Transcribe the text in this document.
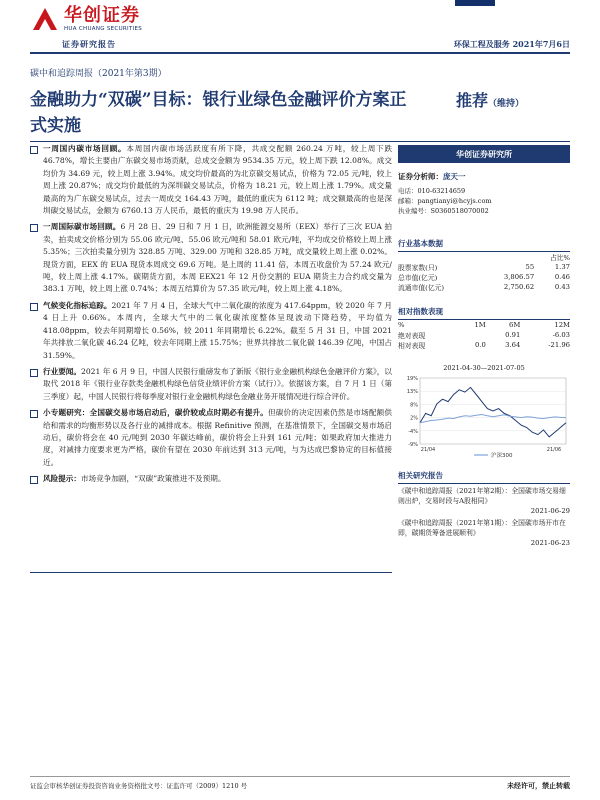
华创证券
HUA CHUANG SECURITIES
证券研究报告	环保工程及服务 2021年7月6日
碳中和追踪周报（2021年第3期）
金融助力“双碳”目标：银行业绿色金融评价方案正式实施
推荐（维持）
一周国内碳市场回顾。本周国内碳市场活跃度有所下降，共成交配额 260.24 万吨，较上周下跌 46.78%，增长主要由广东碳交易市场贡献，总成交金额为 9534.35 万元，较上周下跌 12.08%。成交均价为 34.69 元，较上周上涨 3.94%。成交均价最高的为北京碳交易试点，价格为 72.05 元/吨，较上周上涨 20.87%；成交均价最低的为深圳碳交易试点，价格为 18.21 元，较上周上涨 1.79%。成交量最高的为广东碳交易试点，过去一周成交 164.43 万吨，最低的重庆为 6112 吨；成交额最高的也是深圳碳交易试点，金额为 6760.13 万人民币，最低的重庆为 19.98 万人民币。
一周国际碳市场回顾。6 月 28 日、29 日和 7 月 1 日，欧洲能源交易所（EEX）举行了三次 EUA 拍卖，拍卖成交价格分别为 55.06 欧元/吨、55.06 欧元/吨和 58.01 欧元/吨，平均成交价格较上周上涨 5.35%；三次拍卖量分别为 328.85 万吨、329.00 万吨和 328.85 万吨，成交量较上周上涨 0.02%。现货方面，EEX 的 EUA 现货本周成交 69.6 万吨。是上周的 11.41 倍，本周五收盘价为 57.24 欧元/吨，较上周上涨 4.17%。碳期货方面，本周 EEX21 年 12 月份交割的 EUA 期货主力合约成交量为 383.1 万吨，较上周上涨 0.74%；本周五结算价为 57.35 欧元/吨，较上周上涨 4.18%。
气候变化指标追踪。2021 年 7 月 4 日，全球大气中二氧化碳的浓度为 417.64ppm，较 2020 年 7 月 4 日上升 0.66%。本周内，全球大气中的二氧化碳浓度整体呈现波动下降趋势，平均值为 418.08ppm，较去年同期增长 0.56%，较 2011 年同期增长 6.22%。截至 5 月 31 日，中国 2021 年共排放二氧化碳 46.24 亿吨，较去年同期上涨 15.75%；世界共排放二氧化碳 146.39 亿吨，中国占 31.59%。
行业要闻。2021 年 6 月 9 日，中国人民银行重磅发布了新版《银行业金融机构绿色金融评价方案》，以取代 2018 年《银行业存款类金融机构绿色信贷业绩评价方案（试行）》。依据该方案，自 7 月 1 日（第三季度）起，中国人民银行将每季度对银行业金融机构绿色金融业务开展情况进行综合评价。
小专题研究：全国碳交易市场启动后，碳价较或点时期必有提升。但碳价的决定因素仍然是市场配额供给和需求的均衡形势以及各行业的减排成本。根据 Refinitive 预测，在基准情景下，全国碳交易市场启动后，碳价将会在 40 元/吨到 2030 年碳达峰前，碳价将会上升到 161 元/吨；如果政府加大推进力度，对减排力度要求更为严格，碳价有望在 2030 年前达到 313 元/吨，与为达成巴黎协定的目标值接近。
风险提示：市场竞争加剧，“双碳”政策推进不及预期。
华创证券研究所
证券分析师：庞天一
电话：010-63214659
邮箱：pangtianyi@hcyjs.com
执业编号：S0360518070002
行业基本数据
		占比%
股票家数(只)	55	1.37
总市值(亿元)	3,806.57	0.46
流通市值(亿元)	2,750.62	0.43
相对指数表现
%	1M	6M	12M
绝对表现		0.91	-6.03
相对表现	0.0	3.64	-21.96
2021-04-30—2021-07-05
19%
13%
8%
2%
-4%
-9%
21/04	21/06
沪深300
相关研究报告
《碳中和追踪周报（2021年第2期）：全国碳市场交易细则出炉，交易时段与A股相同》
2021-06-29
《碳中和追踪周报（2021年第1期）：全国碳市场开市在即，碳期货筹备进展顺利》
2021-06-23
证监会审核华创证券投资咨询业务资格批文号：证监许可（2009）1210 号	未经许可，禁止转载
